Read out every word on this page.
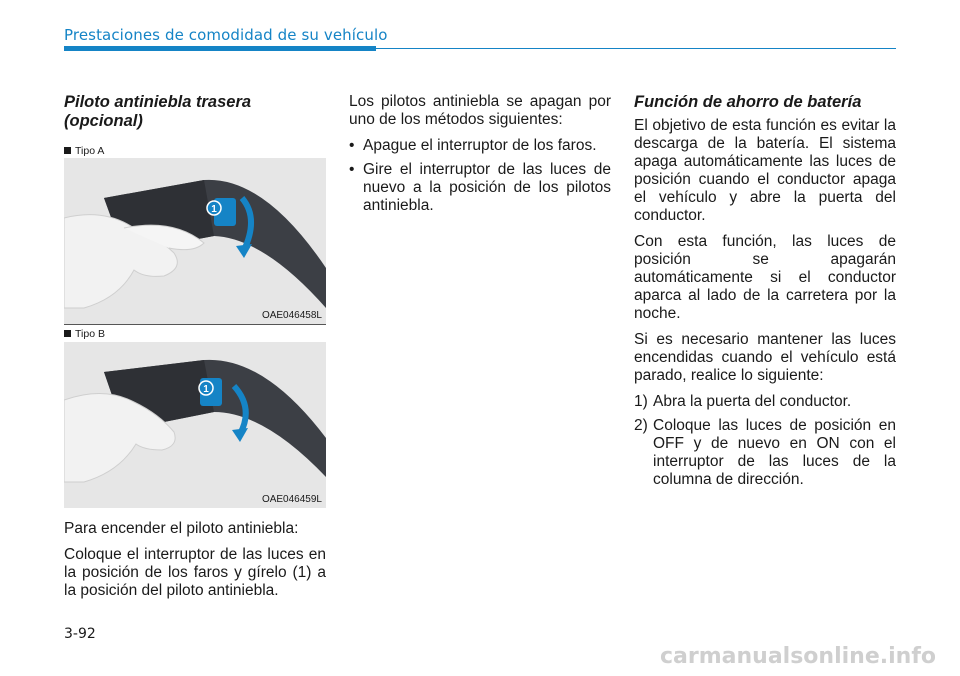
Prestaciones de comodidad de su vehículo
Piloto antiniebla trasera (opcional)
Tipo A
1
OAE046458L
Tipo B
1
OAE046459L

Para encender el piloto antiniebla:

Coloque el interruptor de las luces en la posición de los faros y gírelo (1) a la posición del piloto antiniebla.

Los pilotos antiniebla se apagan por uno de los métodos siguientes:

• Apague el interruptor de los faros.
• Gire el interruptor de las luces de nuevo a la posición de los pilotos antiniebla.
Función de ahorro de batería

El objetivo de esta función es evitar la descarga de la batería. El sistema apaga automáticamente las luces de posición cuando el conductor apaga el vehículo y abre la puerta del conductor.

Con esta función, las luces de posición se apagarán automáticamente si el conductor aparca al lado de la carretera por la noche.

Si es necesario mantener las luces encendidas cuando el vehículo está parado, realice lo siguiente:

1) Abra la puerta del conductor.
2) Coloque las luces de posición en OFF y de nuevo en ON con el interruptor de las luces de la columna de dirección.
3-92
carmanualsonline.info
